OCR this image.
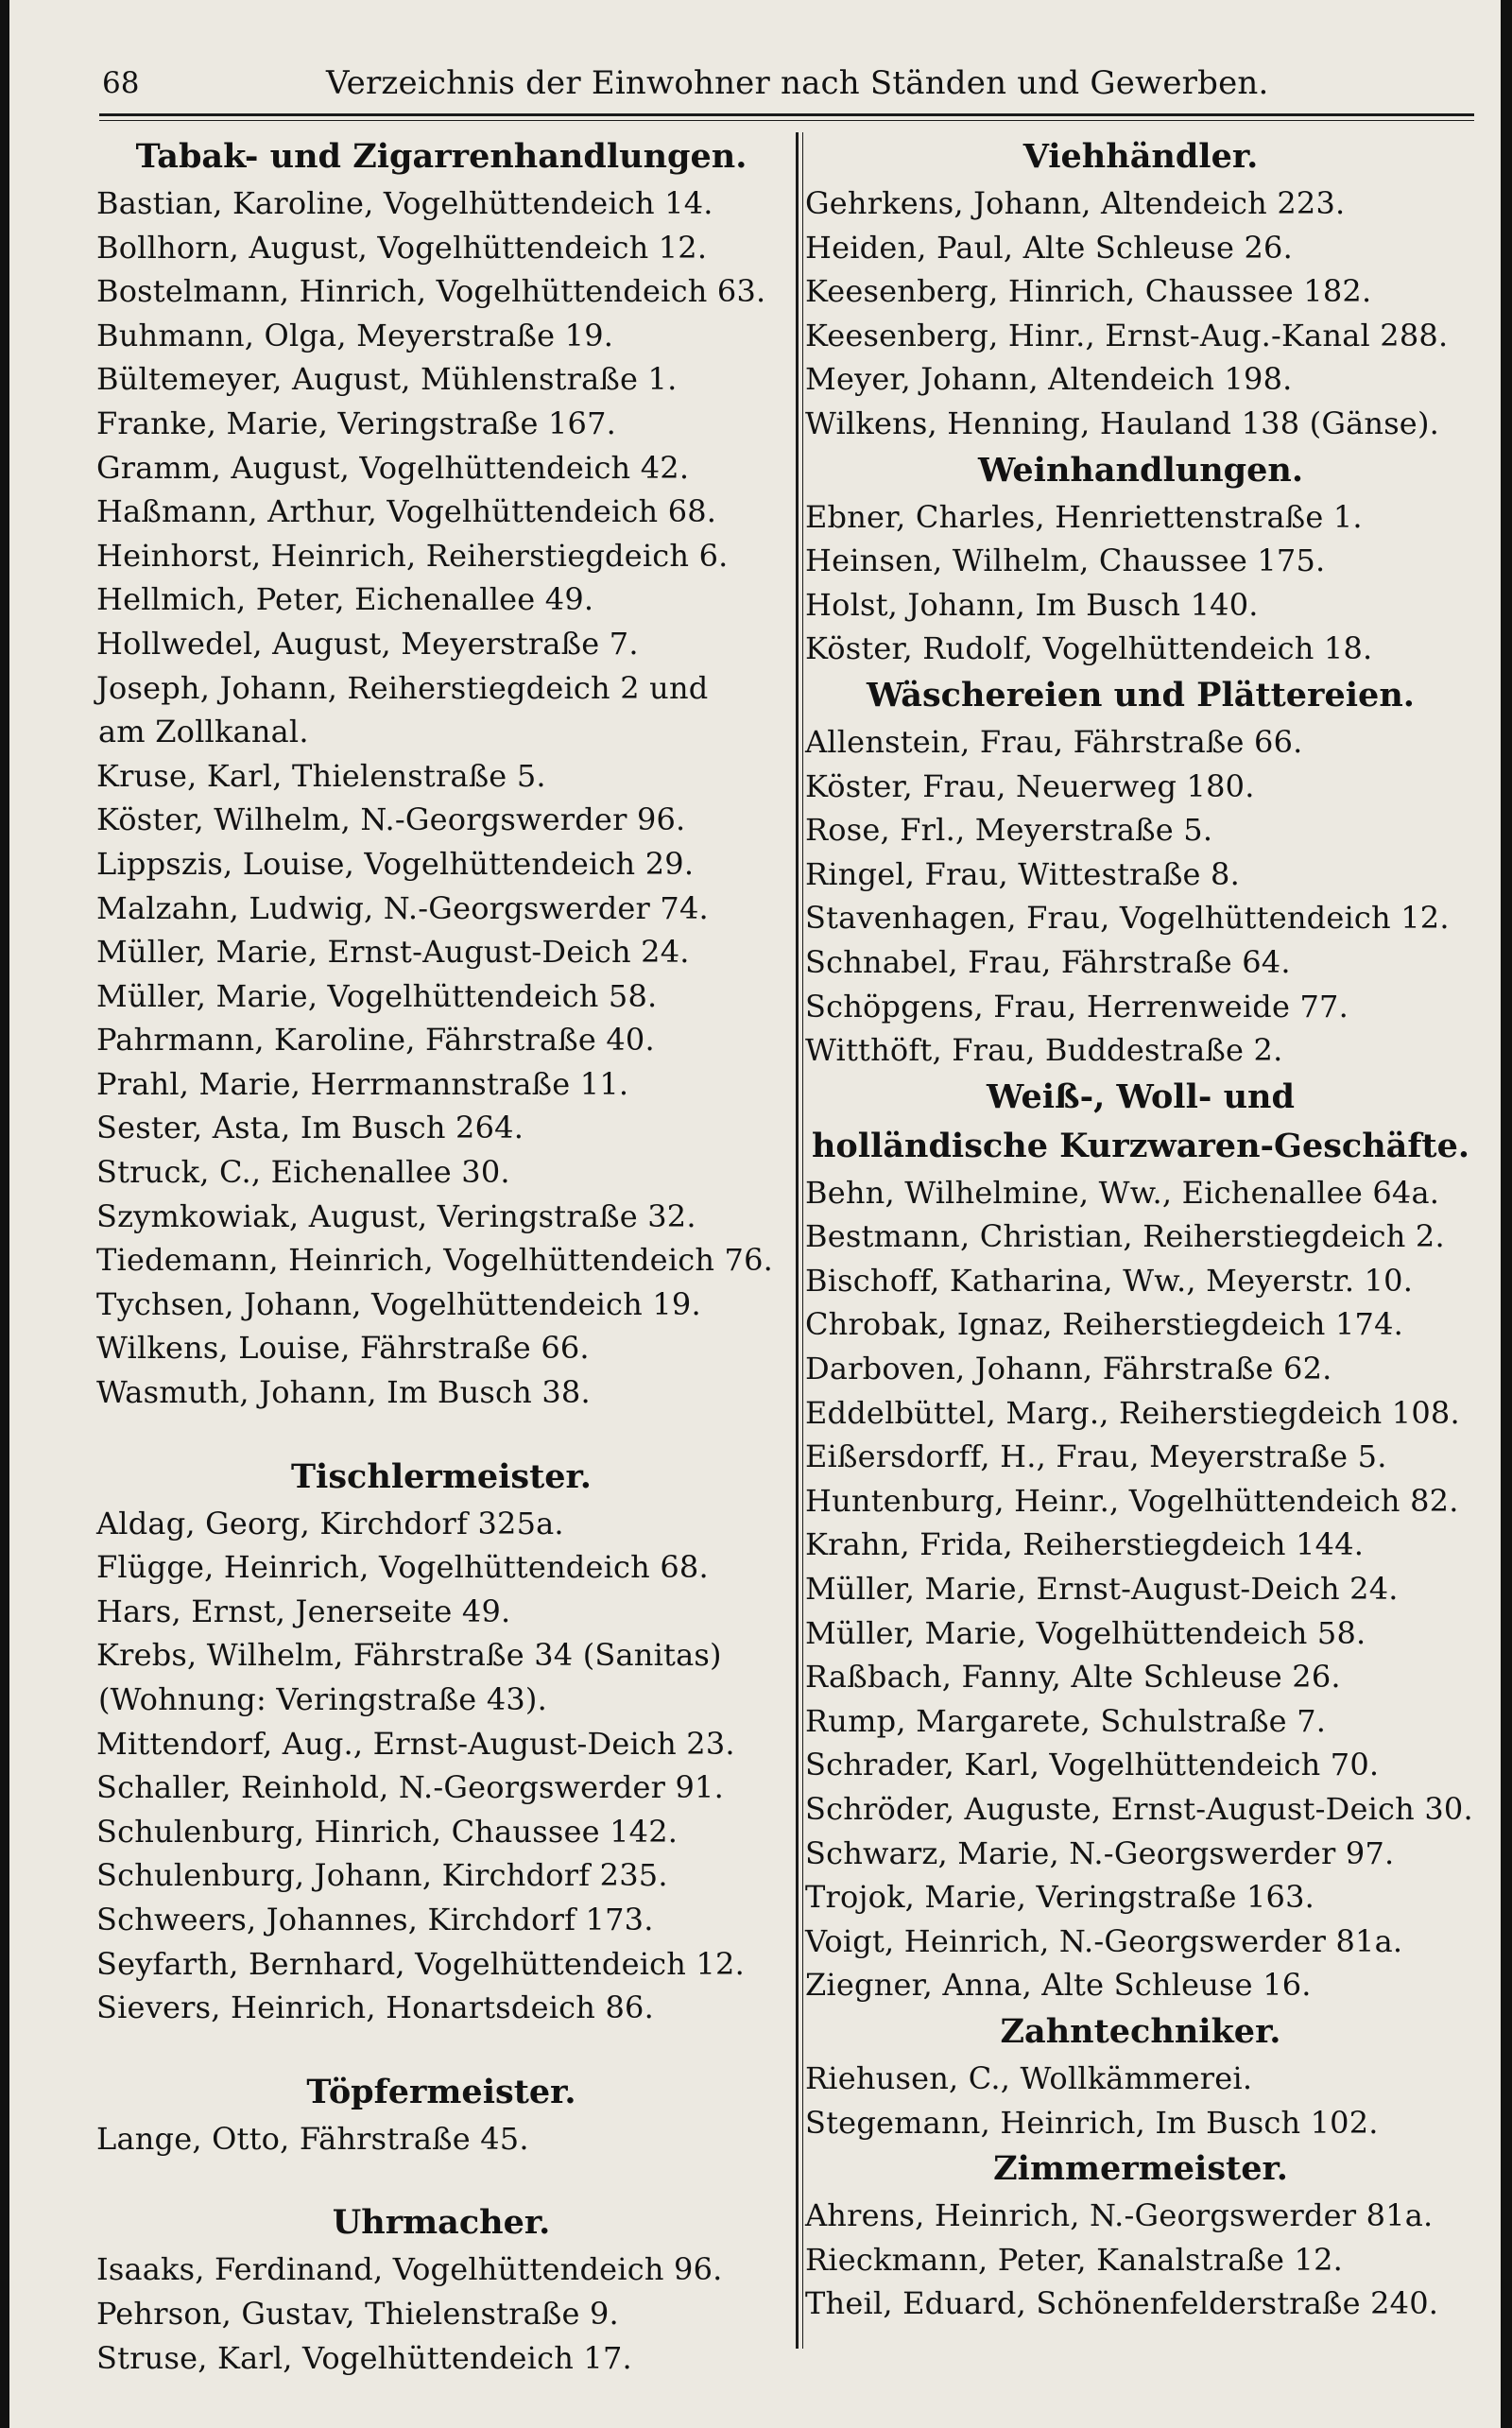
68	Verzeichnis der Einwohner nach Ständen und Gewerben.
Tabak- und Zigarrenhandlungen.
Bastian, Karoline, Vogelhüttendeich 14.
Bollhorn, August, Vogelhüttendeich 12.
Bostelmann, Hinrich, Vogelhüttendeich 63.
Buhmann, Olga, Meyerstraße 19.
Bültemeyer, August, Mühlenstraße 1.
Franke, Marie, Veringstraße 167.
Gramm, August, Vogelhüttendeich 42.
Haßmann, Arthur, Vogelhüttendeich 68.
Heinhorst, Heinrich, Reiherstiegdeich 6.
Hellmich, Peter, Eichenallee 49.
Hollwedel, August, Meyerstraße 7.
Joseph, Johann, Reiherstiegdeich 2 und
am Zollkanal.
Kruse, Karl, Thielenstraße 5.
Köster, Wilhelm, N.-Georgswerder 96.
Lippszis, Louise, Vogelhüttendeich 29.
Malzahn, Ludwig, N.-Georgswerder 74.
Müller, Marie, Ernst-August-Deich 24.
Müller, Marie, Vogelhüttendeich 58.
Pahrmann, Karoline, Fährstraße 40.
Prahl, Marie, Herrmannstraße 11.
Sester, Asta, Im Busch 264.
Struck, C., Eichenallee 30.
Szymkowiak, August, Veringstraße 32.
Tiedemann, Heinrich, Vogelhüttendeich 76.
Tychsen, Johann, Vogelhüttendeich 19.
Wilkens, Louise, Fährstraße 66.
Wasmuth, Johann, Im Busch 38.
Tischlermeister.
Aldag, Georg, Kirchdorf 325a.
Flügge, Heinrich, Vogelhüttendeich 68.
Hars, Ernst, Jenerseite 49.
Krebs, Wilhelm, Fährstraße 34 (Sanitas)
(Wohnung: Veringstraße 43).
Mittendorf, Aug., Ernst-August-Deich 23.
Schaller, Reinhold, N.-Georgswerder 91.
Schulenburg, Hinrich, Chaussee 142.
Schulenburg, Johann, Kirchdorf 235.
Schweers, Johannes, Kirchdorf 173.
Seyfarth, Bernhard, Vogelhüttendeich 12.
Sievers, Heinrich, Honartsdeich 86.
Töpfermeister.
Lange, Otto, Fährstraße 45.
Uhrmacher.
Isaaks, Ferdinand, Vogelhüttendeich 96.
Pehrson, Gustav, Thielenstraße 9.
Struse, Karl, Vogelhüttendeich 17.
Viehhändler.
Gehrkens, Johann, Altendeich 223.
Heiden, Paul, Alte Schleuse 26.
Keesenberg, Hinrich, Chaussee 182.
Keesenberg, Hinr., Ernst-Aug.-Kanal 288.
Meyer, Johann, Altendeich 198.
Wilkens, Henning, Hauland 138 (Gänse).
Weinhandlungen.
Ebner, Charles, Henriettenstraße 1.
Heinsen, Wilhelm, Chaussee 175.
Holst, Johann, Im Busch 140.
Köster, Rudolf, Vogelhüttendeich 18.
Wäschereien und Plättereien.
Allenstein, Frau, Fährstraße 66.
Köster, Frau, Neuerweg 180.
Rose, Frl., Meyerstraße 5.
Ringel, Frau, Wittestraße 8.
Stavenhagen, Frau, Vogelhüttendeich 12.
Schnabel, Frau, Fährstraße 64.
Schöpgens, Frau, Herrenweide 77.
Witthöft, Frau, Buddestraße 2.
Weiß-, Woll- und
holländische Kurzwaren-Geschäfte.
Behn, Wilhelmine, Ww., Eichenallee 64a.
Bestmann, Christian, Reiherstiegdeich 2.
Bischoff, Katharina, Ww., Meyerstr. 10.
Chrobak, Ignaz, Reiherstiegdeich 174.
Darboven, Johann, Fährstraße 62.
Eddelbüttel, Marg., Reiherstiegdeich 108.
Eißersdorff, H., Frau, Meyerstraße 5.
Huntenburg, Heinr., Vogelhüttendeich 82.
Krahn, Frida, Reiherstiegdeich 144.
Müller, Marie, Ernst-August-Deich 24.
Müller, Marie, Vogelhüttendeich 58.
Raßbach, Fanny, Alte Schleuse 26.
Rump, Margarete, Schulstraße 7.
Schrader, Karl, Vogelhüttendeich 70.
Schröder, Auguste, Ernst-August-Deich 30.
Schwarz, Marie, N.-Georgswerder 97.
Trojok, Marie, Veringstraße 163.
Voigt, Heinrich, N.-Georgswerder 81a.
Ziegner, Anna, Alte Schleuse 16.
Zahntechniker.
Riehusen, C., Wollkämmerei.
Stegemann, Heinrich, Im Busch 102.
Zimmermeister.
Ahrens, Heinrich, N.-Georgswerder 81a.
Rieckmann, Peter, Kanalstraße 12.
Theil, Eduard, Schönenfelderstraße 240.
